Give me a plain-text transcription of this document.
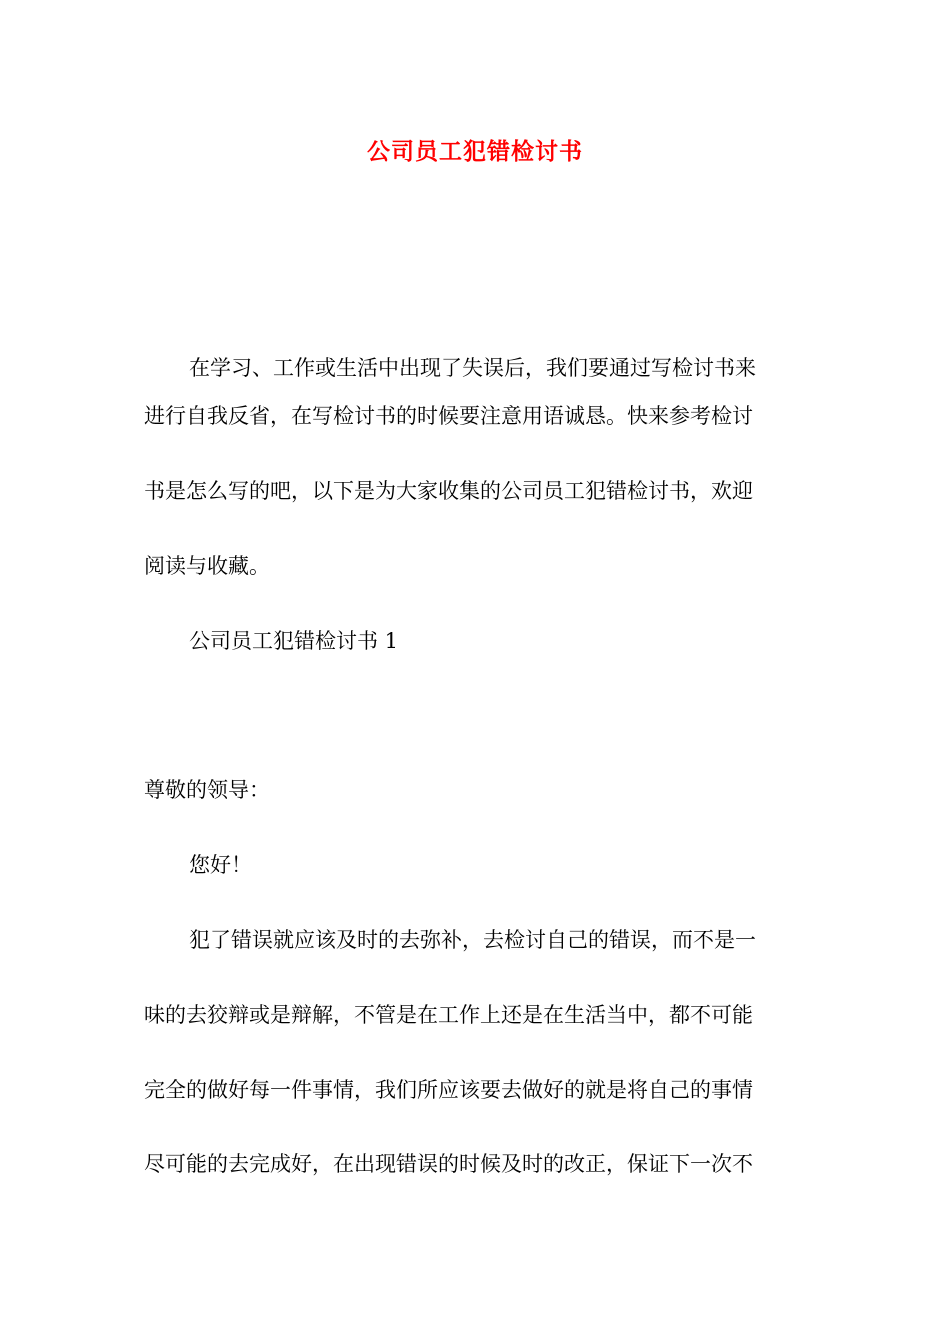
公司员工犯错检讨书
在学习、工作或生活中出现了失误后，我们要通过写检讨书来
进行自我反省，在写检讨书的时候要注意用语诚恳。快来参考检讨
书是怎么写的吧，以下是为大家收集的公司员工犯错检讨书，欢迎
阅读与收藏。
公司员工犯错检讨书 1
尊敬的领导：
您好！
犯了错误就应该及时的去弥补，去检讨自己的错误，而不是一
味的去狡辩或是辩解，不管是在工作上还是在生活当中，都不可能
完全的做好每一件事情，我们所应该要去做好的就是将自己的事情
尽可能的去完成好，在出现错误的时候及时的改正，保证下一次不
